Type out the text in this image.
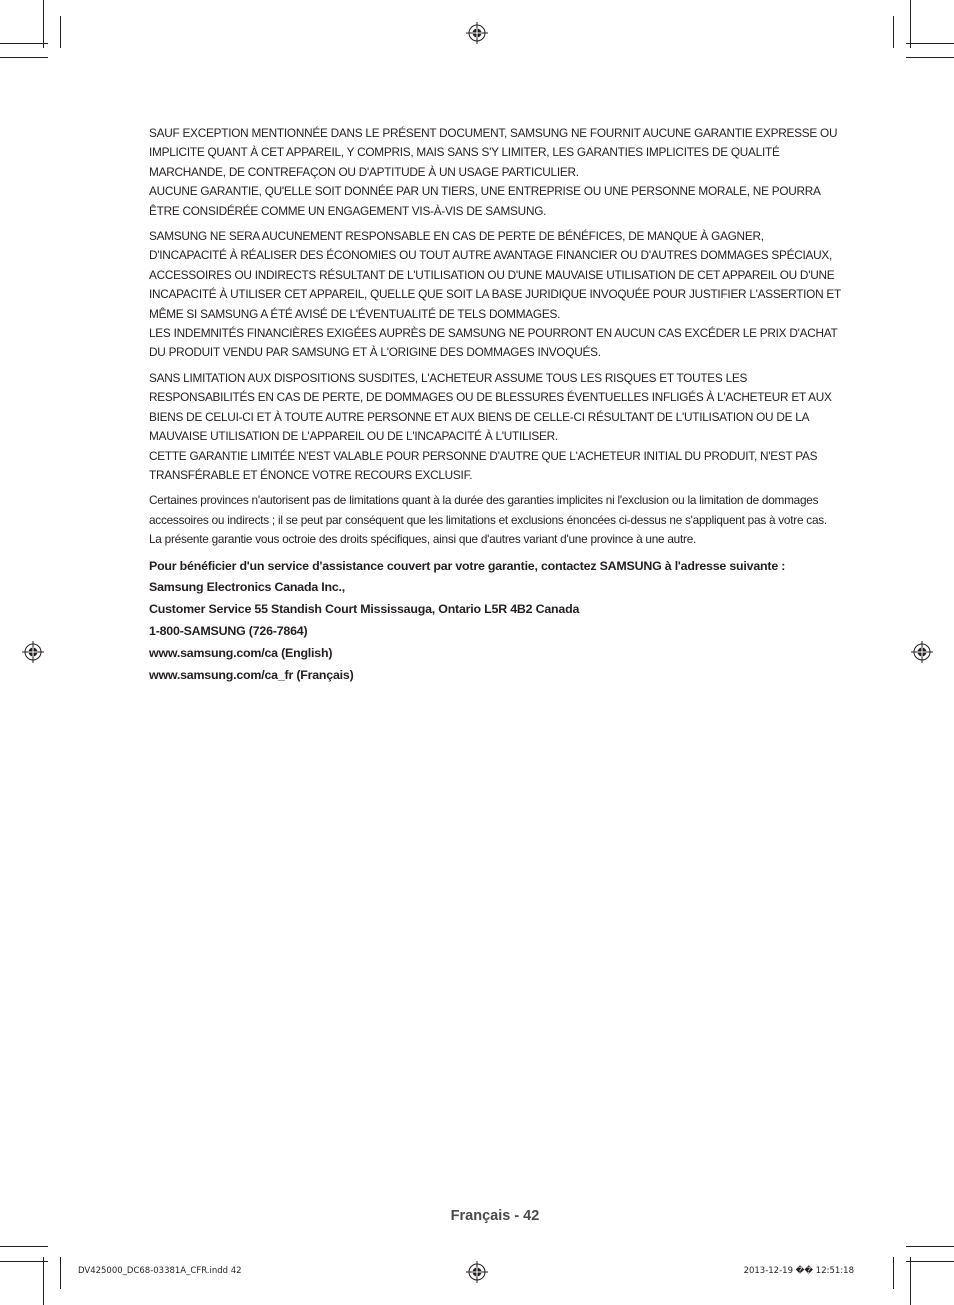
SAUF EXCEPTION MENTIONNÉE DANS LE PRÉSENT DOCUMENT, SAMSUNG NE FOURNIT AUCUNE GARANTIE EXPRESSE OU IMPLICITE QUANT À CET APPAREIL, Y COMPRIS, MAIS SANS S'Y LIMITER, LES GARANTIES IMPLICITES DE QUALITÉ MARCHANDE, DE CONTREFAÇON OU D'APTITUDE À UN USAGE PARTICULIER.

AUCUNE GARANTIE, QU'ELLE SOIT DONNÉE PAR UN TIERS, UNE ENTREPRISE OU UNE PERSONNE MORALE, NE POURRA ÊTRE CONSIDÉRÉE COMME UN ENGAGEMENT VIS-À-VIS DE SAMSUNG.

SAMSUNG NE SERA AUCUNEMENT RESPONSABLE EN CAS DE PERTE DE BÉNÉFICES, DE MANQUE À GAGNER, D'INCAPACITÉ À RÉALISER DES ÉCONOMIES OU TOUT AUTRE AVANTAGE FINANCIER OU D'AUTRES DOMMAGES SPÉCIAUX, ACCESSOIRES OU INDIRECTS RÉSULTANT DE L'UTILISATION OU D'UNE MAUVAISE UTILISATION DE CET APPAREIL OU D'UNE INCAPACITÉ À UTILISER CET APPAREIL, QUELLE QUE SOIT LA BASE JURIDIQUE INVOQUÉE POUR JUSTIFIER L'ASSERTION ET MÊME SI SAMSUNG A ÉTÉ AVISÉ DE L'ÉVENTUALITÉ DE TELS DOMMAGES.

LES INDEMNITÉS FINANCIÈRES EXIGÉES AUPRÈS DE SAMSUNG NE POURRONT EN AUCUN CAS EXCÉDER LE PRIX D'ACHAT DU PRODUIT VENDU PAR SAMSUNG ET À L'ORIGINE DES DOMMAGES INVOQUÉS.

SANS LIMITATION AUX DISPOSITIONS SUSDITES, L'ACHETEUR ASSUME TOUS LES RISQUES ET TOUTES LES RESPONSABILITÉS EN CAS DE PERTE, DE DOMMAGES OU DE BLESSURES ÉVENTUELLES INFLIGÉS À L'ACHETEUR ET AUX BIENS DE CELUI-CI ET À TOUTE AUTRE PERSONNE ET AUX BIENS DE CELLE-CI RÉSULTANT DE L'UTILISATION OU DE LA MAUVAISE UTILISATION DE L'APPAREIL OU DE L'INCAPACITÉ À L'UTILISER.

CETTE GARANTIE LIMITÉE N'EST VALABLE POUR PERSONNE D'AUTRE QUE L'ACHETEUR INITIAL DU PRODUIT, N'EST PAS TRANSFÉRABLE ET ÉNONCE VOTRE RECOURS EXCLUSIF.

Certaines provinces n'autorisent pas de limitations quant à la durée des garanties implicites ni l'exclusion ou la limitation de dommages accessoires ou indirects ; il se peut par conséquent que les limitations et exclusions énoncées ci-dessus ne s'appliquent pas à votre cas. La présente garantie vous octroie des droits spécifiques, ainsi que d'autres variant d'une province à une autre.

Pour bénéficier d'un service d'assistance couvert par votre garantie, contactez SAMSUNG à l'adresse suivante :
Samsung Electronics Canada Inc.,
Customer Service 55 Standish Court Mississauga, Ontario L5R 4B2 Canada
1-800-SAMSUNG (726-7864)
www.samsung.com/ca (English)
www.samsung.com/ca_fr (Français)
Français - 42
DV425000_DC68-03381A_CFR.indd 42	2013-12-19 �� 12:51:18
